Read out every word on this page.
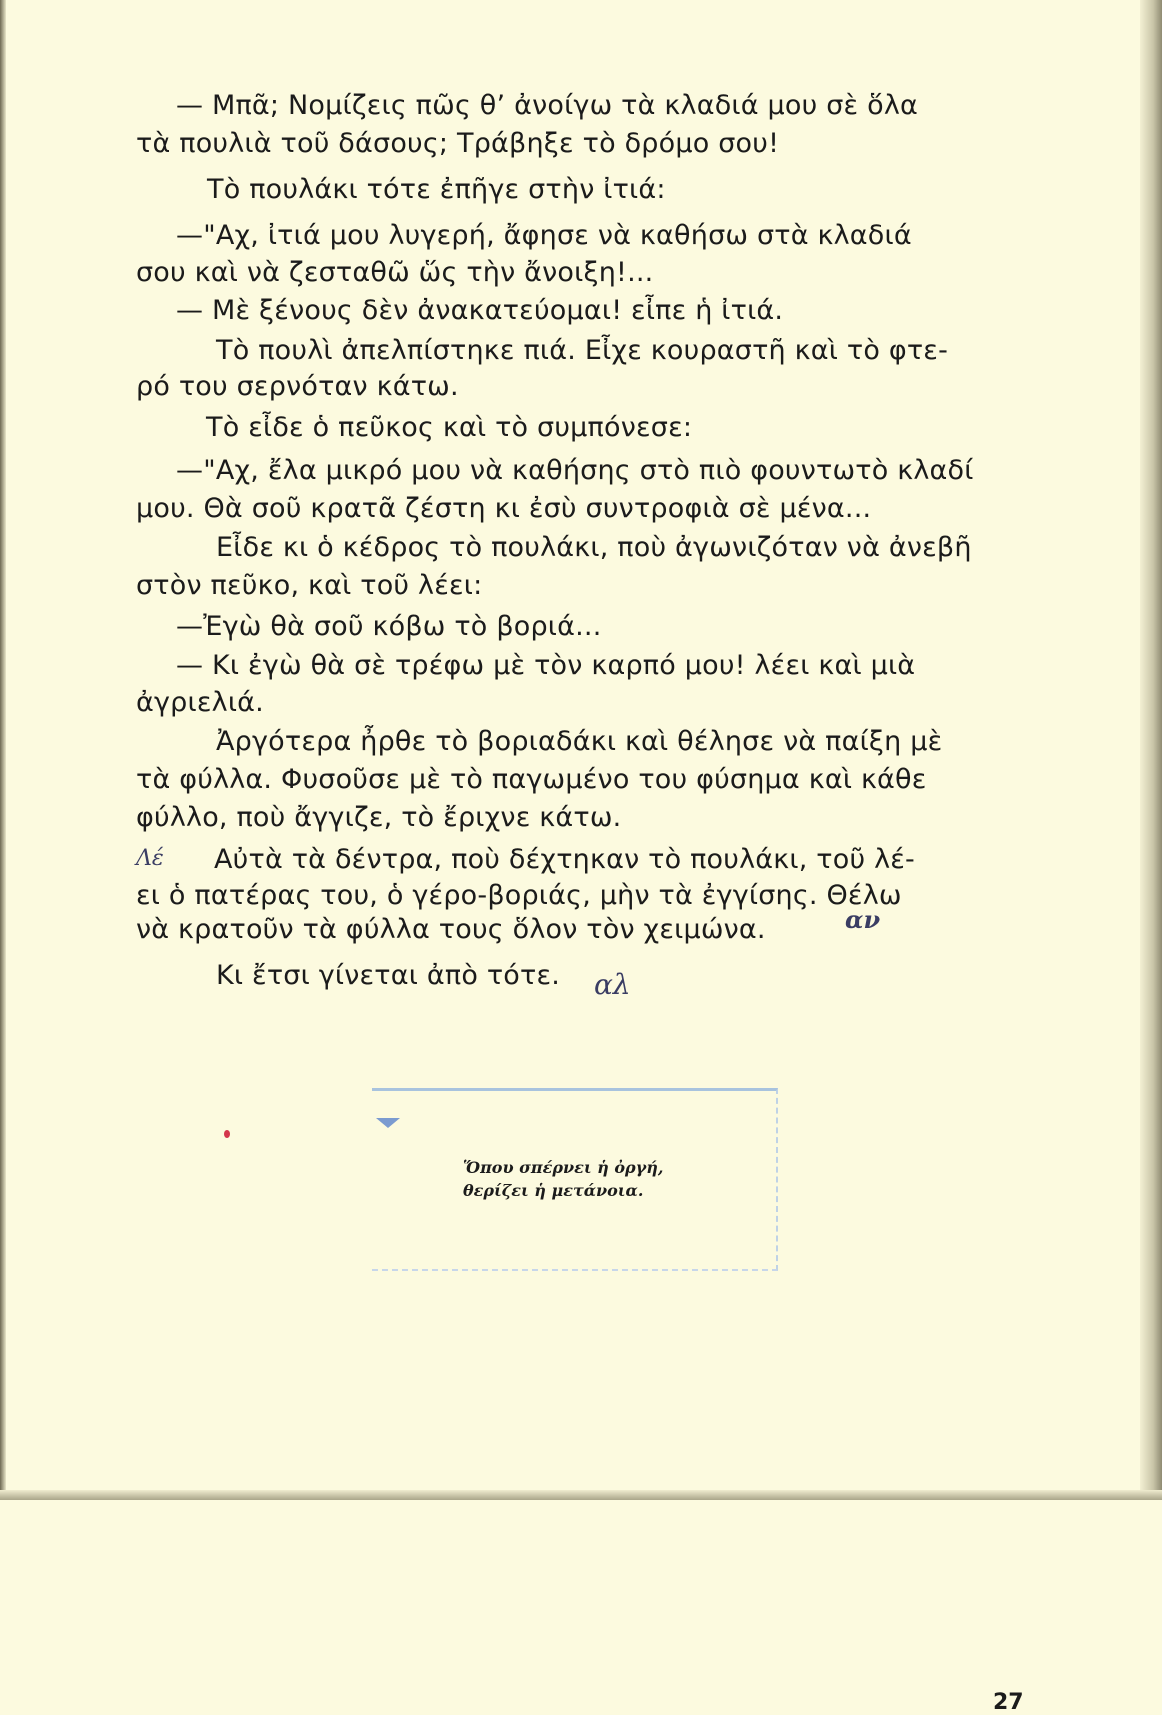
— Μπᾶ; Νομίζεις πῶς θ’ ἀνοίγω τὰ κλαδιά μου σὲ ὅλα

τὰ πουλιὰ τοῦ δάσους; Τράβηξε τὸ δρόμο σου!

Τὸ πουλάκι τότε ἐπῆγε στὴν ἰτιά:

—"Αχ, ἰτιά μου λυγερή, ἄφησε νὰ καθήσω στὰ κλαδιά

σου καὶ νὰ ζεσταθῶ ὥς τὴν ἄνοιξη!...

— Μὲ ξένους δὲν ἀνακατεύομαι! εἶπε ἡ ἰτιά.

Τὸ πουλὶ ἀπελπίστηκε πιά. Εἶχε κουραστῆ καὶ τὸ φτε-

ρό του σερνόταν κάτω.

Τὸ εἶδε ὁ πεῦκος καὶ τὸ συμπόνεσε:

—"Αχ, ἔλα μικρό μου νὰ καθήσης στὸ πιὸ φουντωτὸ κλαδί

μου. Θὰ σοῦ κρατᾶ ζέστη κι ἐσὺ συντροφιὰ σὲ μένα...

Εἶδε κι ὁ κέδρος τὸ πουλάκι, ποὺ ἀγωνιζόταν νὰ ἀνεβῆ

στὸν πεῦκο, καὶ τοῦ λέει:

—Ἐγὼ θὰ σοῦ κόβω τὸ βοριά...

— Κι ἐγὼ θὰ σὲ τρέφω μὲ τὸν καρπό μου! λέει καὶ μιὰ

ἀγριελιά.

Ἀργότερα ἦρθε τὸ βοριαδάκι καὶ θέλησε νὰ παίξη μὲ

τὰ φύλλα. Φυσοῦσε μὲ τὸ παγωμένο του φύσημα καὶ κάθε

φύλλο, ποὺ ἄγγιζε, τὸ ἔριχνε κάτω.

Αὐτὰ τὰ δέντρα, ποὺ δέχτηκαν τὸ πουλάκι, τοῦ λέ-

ει ὁ πατέρας του, ὁ γέρο-βοριάς, μὴν τὰ ἐγγίσης. Θέλω

νὰ κρατοῦν τὰ φύλλα τους ὅλον τὸν χειμώνα.

Κι ἔτσι γίνεται ἀπὸ τότε.

Λέ
αν
αλ

Ὅπου σπέρνει ἡ ὀργή,

θερίζει ἡ μετάνοια.

27
